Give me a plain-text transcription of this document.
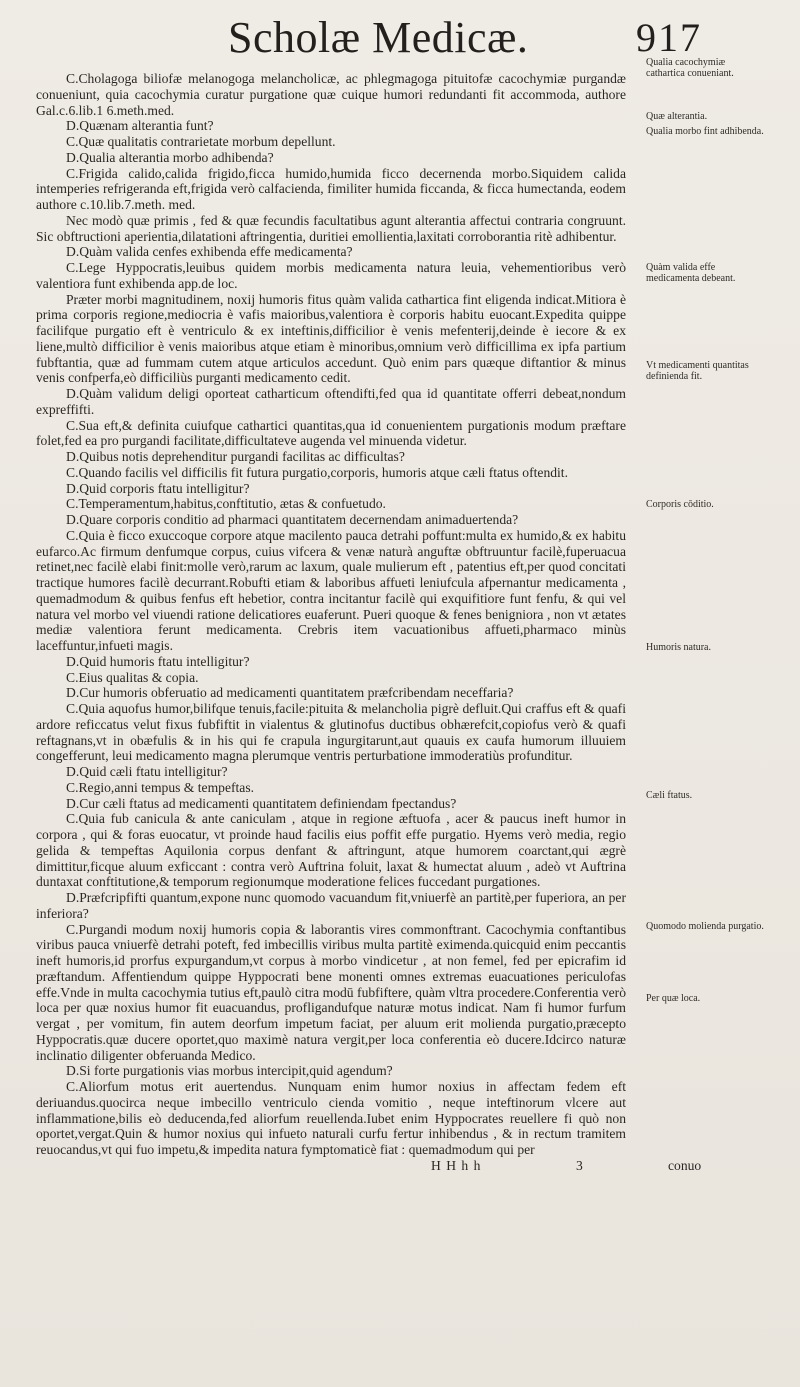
Scholæ Medicæ.	917

C.Cholagoga biliofæ melanogoga melancholicæ, ac phlegmagoga pituitofæ cacochymiæ purgandæ conueniunt, quia cacochymia curatur purgatione quæ cuique humori redundanti fit accommoda, authore Gal.c.6.lib.1 6.meth.med.

D.Quænam alterantia funt?

C.Quæ qualitatis contrarietate morbum depellunt.

D.Qualia alterantia morbo adhibenda?

C.Frigida calido,calida frigido,ficca humido,humida ficco decernenda morbo.Siquidem calida intemperies refrigeranda eft,frigida verò calfacienda, fimiliter humida ficcanda, & ficca humectanda, eodem authore c.10.lib.7.meth. med.

Nec modò quæ primis , fed & quæ fecundis facultatibus agunt alterantia affectui contraria congruunt. Sic obftructioni aperientia,dilatationi aftringentia, duritiei emollientia,laxitati corroborantia ritè adhibentur.

D.Quàm valida cenfes exhibenda effe medicamenta?

C.Lege Hyppocratis,leuibus quidem morbis medicamenta natura leuia, vehementioribus verò valentiora funt exhibenda app.de loc.

Præter morbi magnitudinem, noxij humoris fitus quàm valida cathartica fint eligenda indicat.Mitiora è prima corporis regione,mediocria è vafis maioribus,valentiora è corporis habitu euocant.Expedita quippe facilifque purgatio eft è ventriculo & ex inteftinis,difficilior è venis mefenterij,deinde è iecore & ex liene,multò difficilior è venis maioribus atque etiam è minoribus,omnium verò difficillima ex ipfa partium fubftantia, quæ ad fummam cutem atque articulos accedunt. Quò enim pars quæque diftantior & minus venis confperfa,eò difficiliùs purganti medicamento cedit.

D.Quàm validum deligi oporteat catharticum oftendifti,fed qua id quantitate offerri debeat,nondum expreffifti.

C.Sua eft,& definita cuiufque cathartici quantitas,qua id conuenientem purgationis modum præftare folet,fed ea pro purgandi facilitate,difficultateve augenda vel minuenda videtur.

D.Quibus notis deprehenditur purgandi facilitas ac difficultas?

C.Quando facilis vel difficilis fit futura purgatio,corporis, humoris atque cæli ftatus oftendit.

D.Quid corporis ftatu intelligitur?

C.Temperamentum,habitus,conftitutio, ætas & confuetudo.

D.Quare corporis conditio ad pharmaci quantitatem decernendam animaduertenda?

C.Quia è ficco exuccoque corpore atque macilento pauca detrahi poffunt:multa ex humido,& ex habitu eufarco.Ac firmum denfumque corpus, cuius vifcera & venæ naturà anguftæ obftruuntur facilè,fuperuacua retinet,nec facilè elabi finit:molle verò,rarum ac laxum, quale mulierum eft , patentius eft,per quod concitati tractique humores facilè decurrant.Robufti etiam & laboribus affueti leniufcula afpernantur medicamenta , quemadmodum & quibus fenfus eft hebetior, contra incitantur facilè qui exquifitiore funt fenfu, & qui vel natura vel morbo vel viuendi ratione delicatiores euaferunt. Pueri quoque & fenes benigniora , non vt ætates mediæ valentiora ferunt medicamenta. Crebris item vacuationibus affueti,pharmaco minùs laceffuntur,infueti magis.

D.Quid humoris ftatu intelligitur?

C.Eius qualitas & copia.

D.Cur humoris obferuatio ad medicamenti quantitatem præfcribendam neceffaria?

C.Quia aquofus humor,bilifque tenuis,facile:pituita & melancholia pigrè defluit.Qui craffus eft & quafi ardore reficcatus velut fixus fubfiftit in vialentus & glutinofus ductibus obhærefcit,copiofus verò & quafi reftagnans,vt in obæfulis & in his qui fe crapula ingurgitarunt,aut quauis ex caufa humorum illuuiem congefferunt, leui medicamento magna plerumque ventris perturbatione immoderatiùs profunditur.

D.Quid cæli ftatu intelligitur?

C.Regio,anni tempus & tempeftas.

D.Cur cæli ftatus ad medicamenti quantitatem definiendam fpectandus?

C.Quia fub canicula & ante caniculam , atque in regione æftuofa , acer & paucus ineft humor in corpora , qui & foras euocatur, vt proinde haud facilis eius poffit effe purgatio. Hyems verò media, regio gelida & tempeftas Aquilonia corpus denfant & aftringunt, atque humorem coarctant,qui ægrè dimittitur,ficque aluum exficcant : contra verò Auftrina foluit, laxat & humectat aluum , adeò vt Auftrina duntaxat conftitutione,& temporum regionumque moderatione felices fuccedant purgationes.

D.Præfcripfifti quantum,expone nunc quomodo vacuandum fit,vniuerfè an partitè,per fuperiora, an per inferiora?

C.Purgandi modum noxij humoris copia & laborantis vires commonftrant. Cacochymia conftantibus viribus pauca vniuerfè detrahi poteft, fed imbecillis viribus multa partitè eximenda.quicquid enim peccantis ineft humoris,id prorfus expurgandum,vt corpus à morbo vindicetur , at non femel, fed per epicrafim id præftandum. Affentiendum quippe Hyppocrati bene monenti omnes extremas euacuationes periculofas effe.Vnde in multa cacochymia tutius eft,paulò citra modū fubfiftere, quàm vltra procedere.Conferentia verò loca per quæ noxius humor fit euacuandus, profligandufque naturæ motus indicat. Nam fi humor furfum vergat , per vomitum, fin autem deorfum impetum faciat, per aluum erit molienda purgatio,præcepto Hyppocratis.quæ ducere oportet,quo maximè natura vergit,per loca conferentia eò ducere.Idcirco naturæ inclinatio diligenter obferuanda Medico.

D.Si forte purgationis vias morbus intercipit,quid agendum?

C.Aliorfum motus erit auertendus. Nunquam enim humor noxius in affectam fedem eft deriuandus.quocirca neque imbecillo ventriculo cienda vomitio , neque inteftinorum vlcere aut inflammatione,bilis eò deducenda,fed aliorfum reuellenda.Iubet enim Hyppocrates reuellere fi quò non oportet,vergat.Quin & humor noxius qui infueto naturali curfu fertur inhibendus , & in rectum tramitem reuocandus,vt qui fuo impetu,& impedita natura fymptomaticè fiat : quemadmodum qui per

H H h h	3	conuo
Qualia cacochymiæ cathartica conueniant.
Quæ alterantia.
Qualia morbo fint adhibenda.
Quàm valida effe medicamenta debeant.
Vt medicamenti quantitas definienda fit.
Corporis cōditio.
Humoris natura.
Cæli ftatus.
Quomodo molienda purgatio.
Per quæ loca.
